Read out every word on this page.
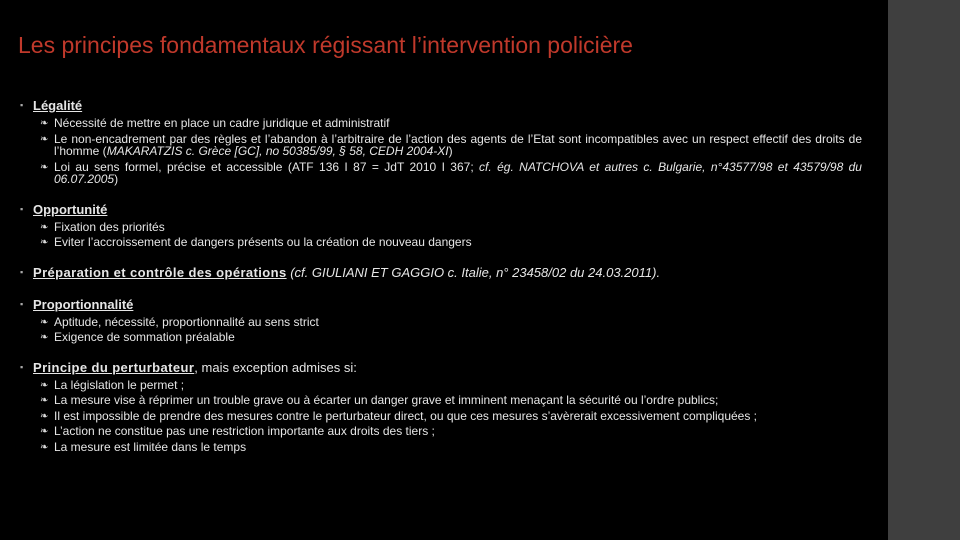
Les principes fondamentaux régissant l’intervention policière
▪ Légalité
❧ Nécessité de mettre en place un cadre juridique et administratif
❧ Le non-encadrement par des règles et l’abandon à l’arbitraire de l’action des agents de l’Etat sont incompatibles avec un respect effectif des droits de l’homme (MAKARATZIS c. Grèce [GC], no 50385/99, § 58, CEDH 2004-XI)
❧ Loi au sens formel, précise et accessible (ATF 136 I 87 = JdT 2010 I 367; cf. ég. NATCHOVA et autres c. Bulgarie, n°43577/98 et 43579/98 du 06.07.2005)
▪ Opportunité
❧ Fixation des priorités
❧ Eviter l’accroissement de dangers présents ou la création de nouveau dangers
▪ Préparation et contrôle des opérations (cf. GIULIANI ET GAGGIO c. Italie, n° 23458/02 du 24.03.2011).
▪ Proportionnalité
❧ Aptitude, nécessité, proportionnalité au sens strict
❧ Exigence de sommation préalable
▪ Principe du perturbateur, mais exception admises si:
❧ La législation le permet ;
❧ La mesure vise à réprimer un trouble grave ou à écarter un danger grave et imminent menaçant la sécurité ou l’ordre publics;
❧ Il est impossible de prendre des mesures contre le perturbateur direct, ou que ces mesures s’avèrerait excessivement compliquées ;
❧ L’action ne constitue pas une restriction importante aux droits des tiers ;
❧ La mesure est limitée dans le temps
